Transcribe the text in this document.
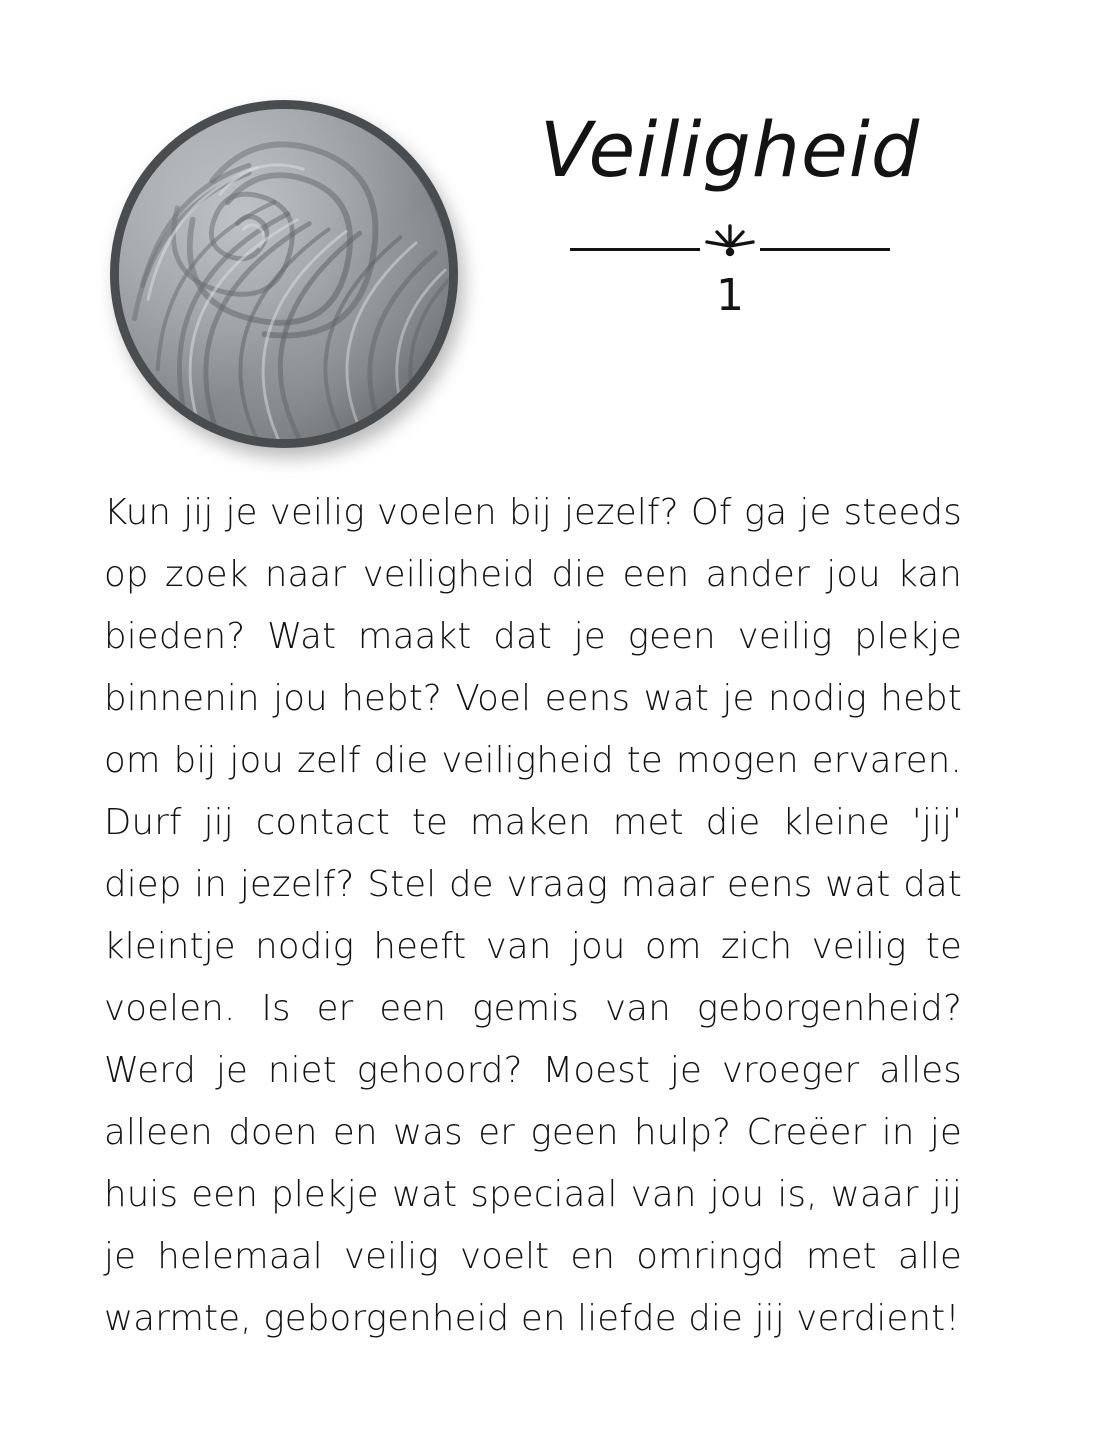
Veiligheid
1

Kun jij je veilig voelen bij jezelf? Of ga je steeds op zoek naar veiligheid die een ander jou kan bieden? Wat maakt dat je geen veilig plekje binnenin jou hebt? Voel eens wat je nodig hebt om bij jou zelf die veiligheid te mogen ervaren. Durf jij contact te maken met die kleine 'jij' diep in jezelf? Stel de vraag maar eens wat dat kleintje nodig heeft van jou om zich veilig te voelen. Is er een gemis van geborgenheid? Werd je niet gehoord? Moest je vroeger alles alleen doen en was er geen hulp? Creëer in je huis een plekje wat speciaal van jou is, waar jij je helemaal veilig voelt en omringd met alle warmte, geborgenheid en liefde die jij verdient!
